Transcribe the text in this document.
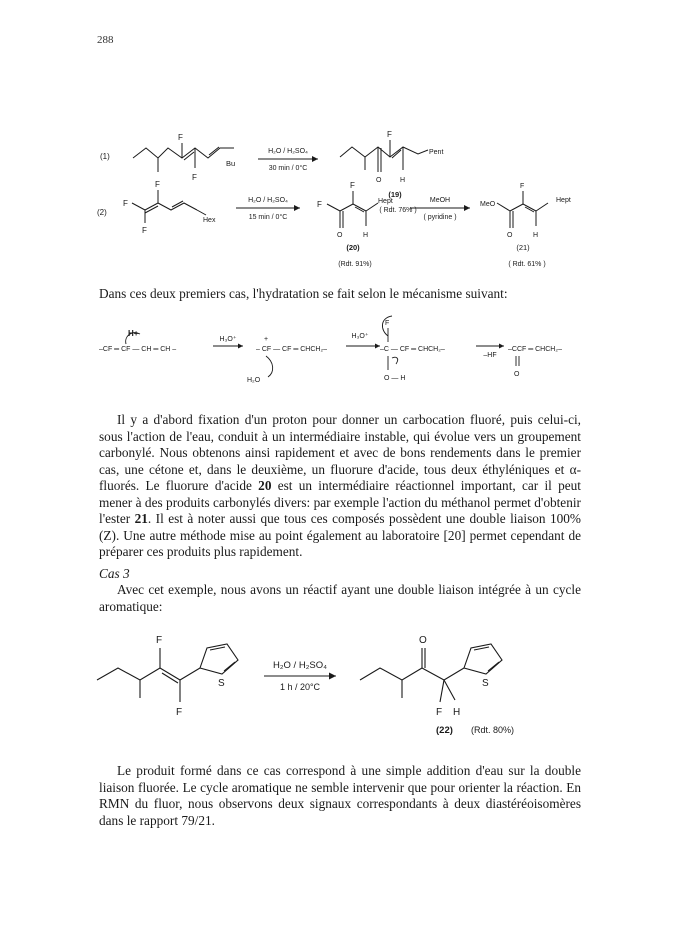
288
F
F
Bu
(1)
H₂O / H₂SO₄
30 min / 0°C
F
Pent
O	H
(19)
( Rdt. 76% )
(2)
F
F
F
Hex
H₂O / H₂SO₄
15 min / 0°C
F
F	Hept
O	H
(20)
(Rdt. 91%)
MeOH
( pyridine )
MeO
F
Hept
O	H
(21)
( Rdt. 61% )

Dans ces deux premiers cas, l'hydratation se fait selon le mécanisme suivant:

H+
–CF ═ CF — CH ═ CH –
H₃O⁺	+
– CF — CF ═ CHCH₂–
H₂O
H₃O⁺
F
–C — CF ═ CHCH₂–
O — H
–HF
–CCF ═ CHCH₂–
O

Il y a d'abord fixation d'un proton pour donner un carbocation fluoré, puis celui-ci, sous l'action de l'eau, conduit à un intermédiaire instable, qui évolue vers un groupement carbonylé. Nous obtenons ainsi rapidement et avec de bons rendements dans le premier cas, une cétone et, dans le deuxième, un fluorure d'acide, tous deux éthyléniques et α-fluorés. Le fluorure d'acide 20 est un intermédiaire réactionnel important, car il peut mener à des produits carbonylés divers: par exemple l'action du méthanol permet d'obtenir l'ester 21. Il est à noter aussi que tous ces composés possèdent une double liaison 100% (Z). Une autre méthode mise au point également au laboratoire [20] permet cependant de préparer ces produits plus rapidement.

Cas 3

Avec cet exemple, nous avons un réactif ayant une double liaison intégrée à un cycle aromatique:

F
F
S
H₂O / H₂SO₄
1 h / 20°C
O
S
F H
(22) (Rdt. 80%)

Le produit formé dans ce cas correspond à une simple addition d'eau sur la double liaison fluorée. Le cycle aromatique ne semble intervenir que pour orienter la réaction. En RMN du fluor, nous observons deux signaux correspondants à deux diastéréoisomères dans le rapport 79/21.
